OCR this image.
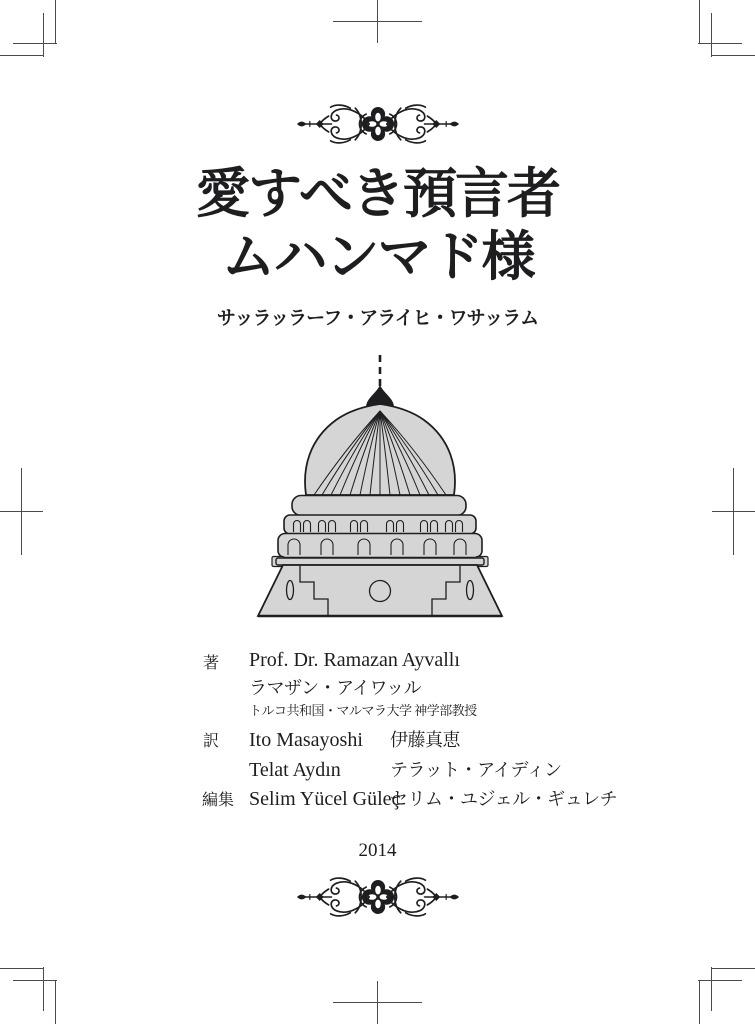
愛すべき預言者
ムハンマド様
サッラッラーフ・アライヒ・ワサッラム
著 Prof. Dr. Ramazan Ayvallı
ラマザン・アイワッル
トルコ共和国・マルマラ大学 神学部教授
訳 Ito Masayoshi 伊藤真恵
Telat Aydın	テラット・アイディン
編集 Selim Yücel Güleç
セリム・ユジェル・ギュレチ
2014
